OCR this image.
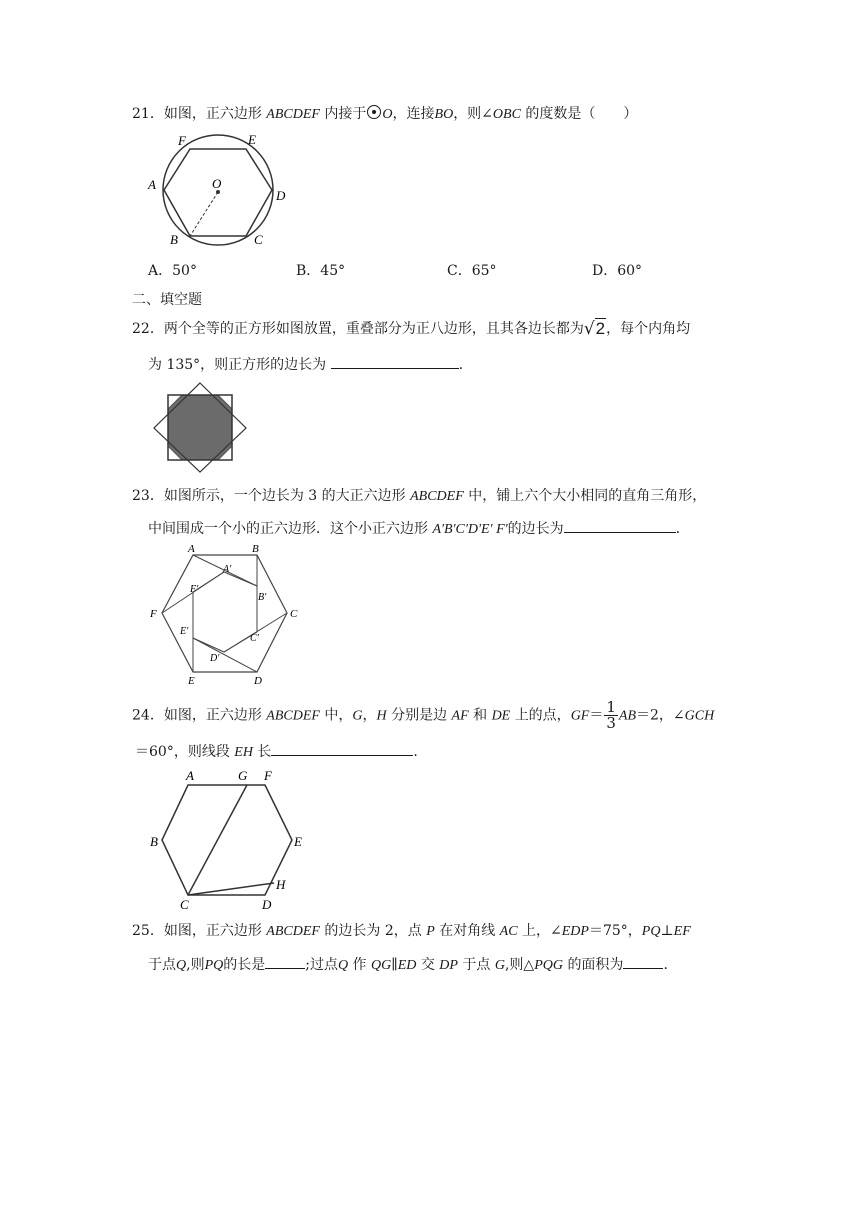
21．如图，正六边形 ABCDEF 内接于 O，连接BO，则∠OBC 的度数是（　　）
F	E
A	O
D
B	C
A．50°	B．45°	C．65°	D．60°
二、填空题
22．两个全等的正方形如图放置，重叠部分为正八边形，且其各边长都为√2，每个内角均
为 135°，则正方形的边长为	.
23．如图所示，一个边长为 3 的大正六边形 ABCDEF 中，铺上六个大小相同的直角三角形，
中间围成一个小的正六边形．这个小正六边形 A'B'C'D'E′ F'的边长为	.
A	B
C
D
E
F
A′
B′
C′
D′
E′
F′
24．如图，正六边形 ABCDEF 中，G，H 分别是边 AF 和 DE 上的点，$GF= \frac{1}{3} AB=2$，∠GCH
＝60°，则线段 EH 长	.
A	G F
B	E
H
C	D
25．如图，正六边形 ABCDEF 的边长为 2，点 P 在对角线 AC 上，∠EDP＝75°，PQ⊥EF
于点Q,则PQ的长是	;过点Q 作 QG∥ED 交 DP 于点 G,则△PQG 的面积为	.
